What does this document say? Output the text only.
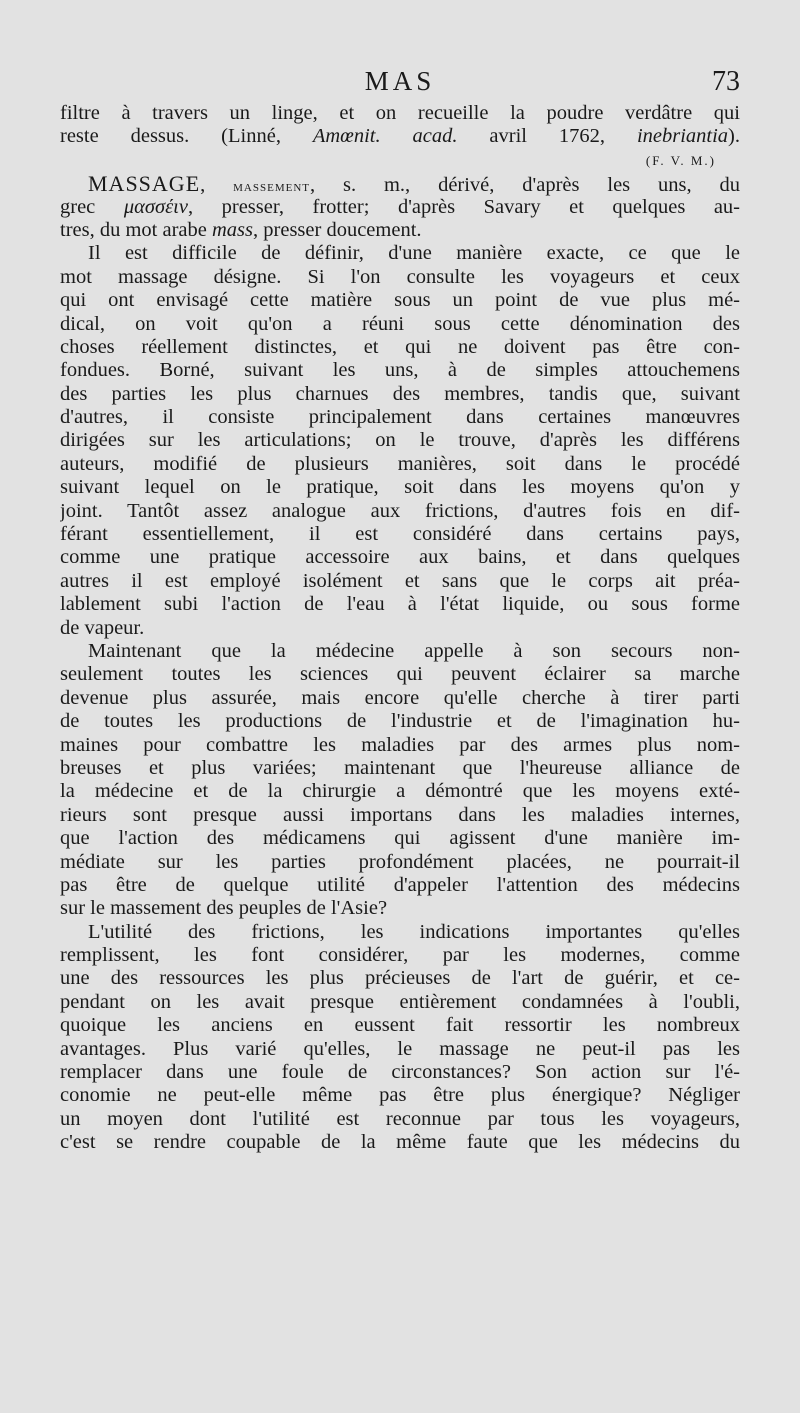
MAS	73
filtre à travers un linge, et on recueille la poudre verdâtre qui
reste dessus. (Linné, Amœnit. acad. avril 1762, inebriantia).
(F. V. M.)
MASSAGE, massement, s. m., dérivé, d'après les uns, du
grec μασσέιν, presser, frotter; d'après Savary et quelques au-
tres, du mot arabe mass, presser doucement.
Il est difficile de définir, d'une manière exacte, ce que le
mot massage désigne. Si l'on consulte les voyageurs et ceux
qui ont envisagé cette matière sous un point de vue plus mé-
dical, on voit qu'on a réuni sous cette dénomination des
choses réellement distinctes, et qui ne doivent pas être con-
fondues. Borné, suivant les uns, à de simples attouchemens
des parties les plus charnues des membres, tandis que, suivant
d'autres, il consiste principalement dans certaines manœuvres
dirigées sur les articulations; on le trouve, d'après les différens
auteurs, modifié de plusieurs manières, soit dans le procédé
suivant lequel on le pratique, soit dans les moyens qu'on y
joint. Tantôt assez analogue aux frictions, d'autres fois en dif-
férant essentiellement, il est considéré dans certains pays,
comme une pratique accessoire aux bains, et dans quelques
autres il est employé isolément et sans que le corps ait préa-
lablement subi l'action de l'eau à l'état liquide, ou sous forme
de vapeur.
Maintenant que la médecine appelle à son secours non-
seulement toutes les sciences qui peuvent éclairer sa marche
devenue plus assurée, mais encore qu'elle cherche à tirer parti
de toutes les productions de l'industrie et de l'imagination hu-
maines pour combattre les maladies par des armes plus nom-
breuses et plus variées; maintenant que l'heureuse alliance de
la médecine et de la chirurgie a démontré que les moyens exté-
rieurs sont presque aussi importans dans les maladies internes,
que l'action des médicamens qui agissent d'une manière im-
médiate sur les parties profondément placées, ne pourrait-il
pas être de quelque utilité d'appeler l'attention des médecins
sur le massement des peuples de l'Asie?
L'utilité des frictions, les indications importantes qu'elles
remplissent, les font considérer, par les modernes, comme
une des ressources les plus précieuses de l'art de guérir, et ce-
pendant on les avait presque entièrement condamnées à l'oubli,
quoique les anciens en eussent fait ressortir les nombreux
avantages. Plus varié qu'elles, le massage ne peut-il pas les
remplacer dans une foule de circonstances? Son action sur l'é-
conomie ne peut-elle même pas être plus énergique? Négliger
un moyen dont l'utilité est reconnue par tous les voyageurs,
c'est se rendre coupable de la même faute que les médecins du
